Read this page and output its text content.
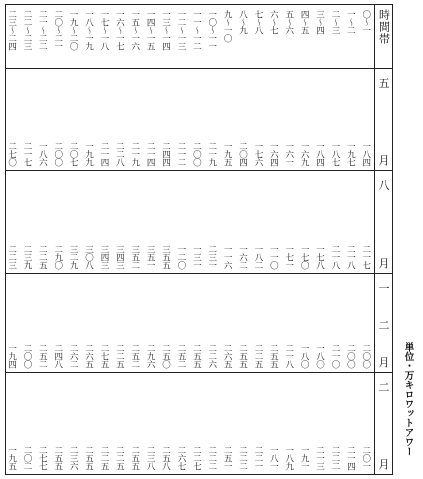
時間帯
〇〜一
一〜二
二〜三
三〜四
四〜五
五〜六
六〜七
七〜八
八〜九
九〜一〇
一〇〜一一
一一〜一二
一二〜一三
一三〜一四
一四〜一五
一五〜一六
一六〜一七
一七〜一八
一八〜一九
一九〜二〇
二〇〜二一
二一〜二二
二二〜二三
二三〜二四
五
月
一八四
一九七
一八七
一八四
一六九
一六一
一六四
一七六
二〇四
一九五
二一九
二〇〇
二一二
二四四
二一四
二一九
二二八
二一四
一九九
二〇七
二〇〇
一八六
二一七
二七〇
八
月
二一七
二一八
二一八
一七八
一七〇
一七一
一一〇
一八二
一六二
一一六
二三一
一三一
一二〇
三五五
三五一
三五二
三四三
三四三
三〇八
三二九
二九〇
二二五
二三九
二二三
一
二
月
二〇〇
二〇〇
二一〇
一八〇
一八〇
二一八
二五五
二二五
二五五
二六五
二二六
二五五
二五二
二五〇
二九六
二五二
二二五
二七五
二六五
二六二
二四八
二五二
二〇〇
一九四
二
月
二〇一
二一四
二二二
二一三
一九一
一八九
一八一
二二一
二二二
二五一
二二二
二二七
二六七
二五八
二三八
二五五
二二五
二二五
二五五
二三六
二五五
二七七
二〇二
一九五
単位・万キロワットアワー
